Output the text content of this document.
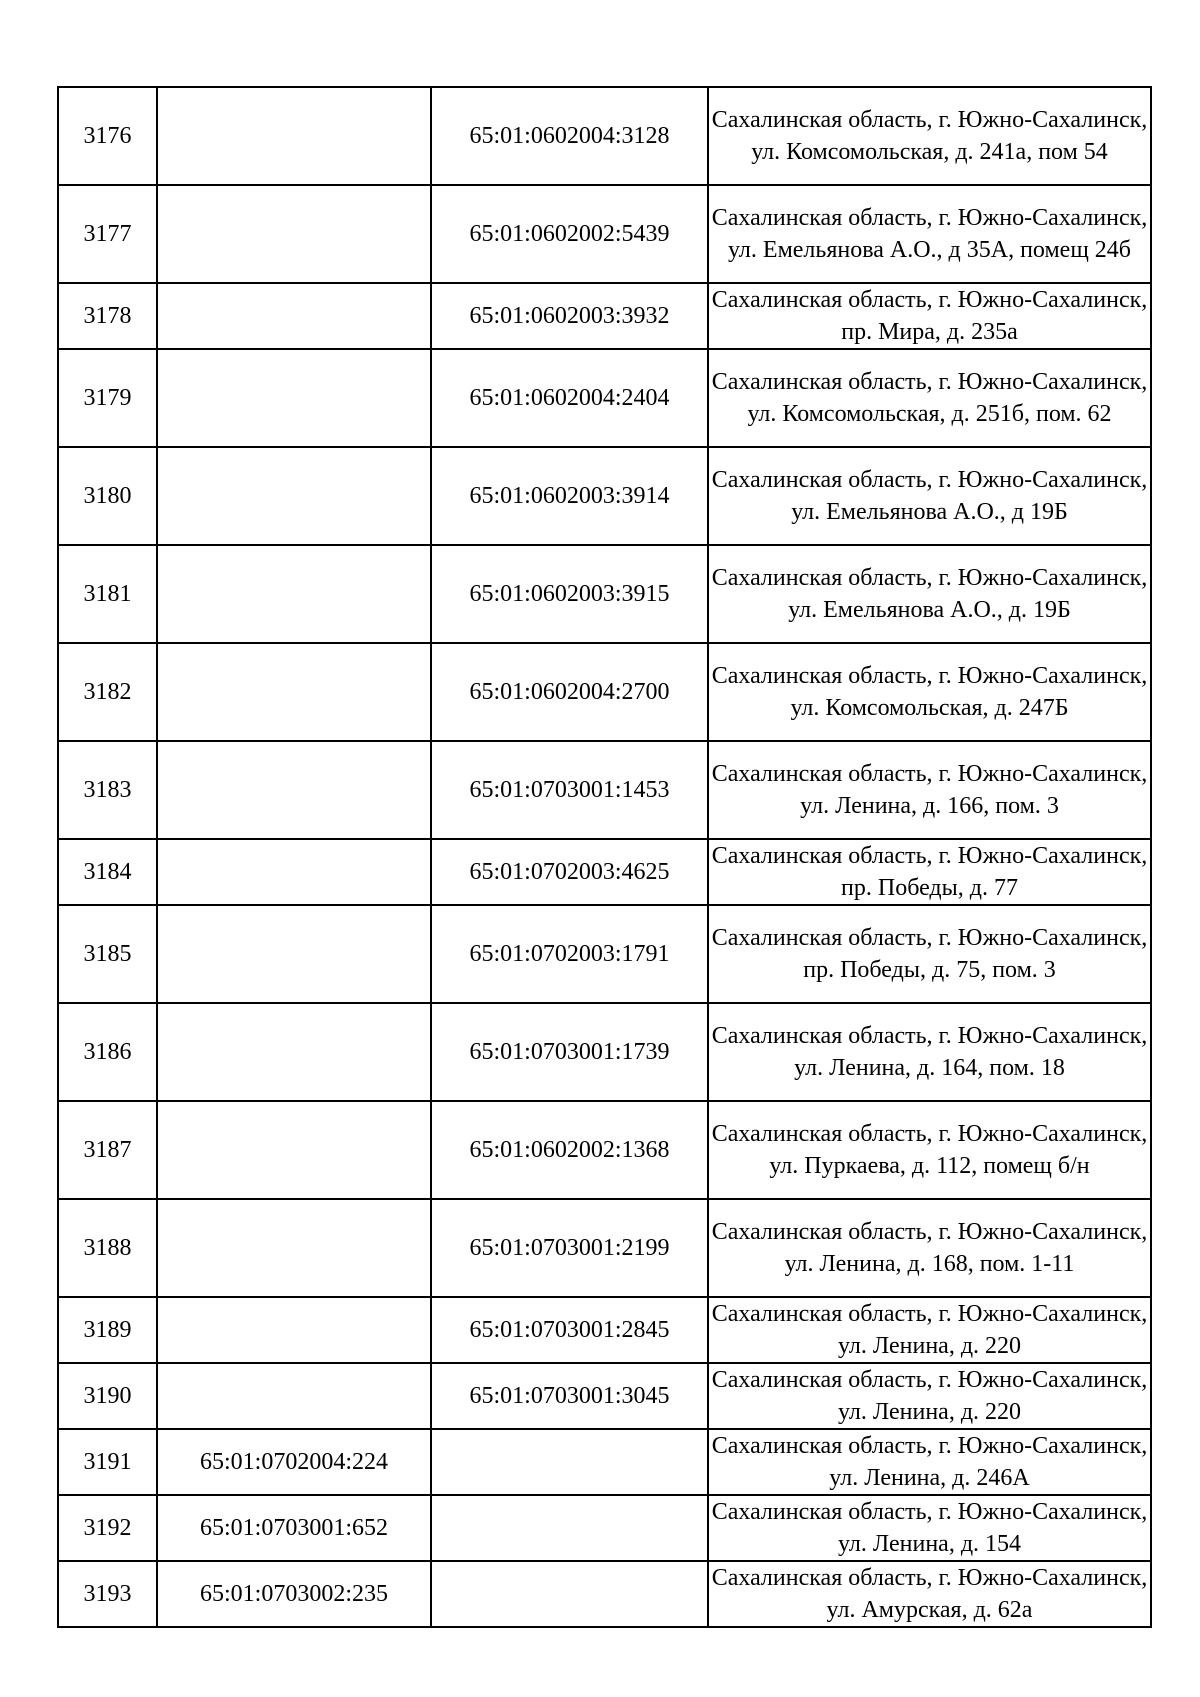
3176		65:01:0602004:3128	Сахалинская область, г. Южно-Сахалинск, ул. Комсомольская, д. 241а, пом 54
3177		65:01:0602002:5439	Сахалинская область, г. Южно-Сахалинск, ул. Емельянова А.О., д 35А, помещ 24б
3178		65:01:0602003:3932	Сахалинская область, г. Южно-Сахалинск, пр. Мира, д. 235а
3179		65:01:0602004:2404	Сахалинская область, г. Южно-Сахалинск, ул. Комсомольская, д. 251б, пом. 62
3180		65:01:0602003:3914	Сахалинская область, г. Южно-Сахалинск, ул. Емельянова А.О., д 19Б
3181		65:01:0602003:3915	Сахалинская область, г. Южно-Сахалинск, ул. Емельянова А.О., д. 19Б
3182		65:01:0602004:2700	Сахалинская область, г. Южно-Сахалинск, ул. Комсомольская, д. 247Б
3183		65:01:0703001:1453	Сахалинская область, г. Южно-Сахалинск, ул. Ленина, д. 166, пом. 3
3184		65:01:0702003:4625	Сахалинская область, г. Южно-Сахалинск, пр. Победы, д. 77
3185		65:01:0702003:1791	Сахалинская область, г. Южно-Сахалинск, пр. Победы, д. 75, пом. 3
3186		65:01:0703001:1739	Сахалинская область, г. Южно-Сахалинск, ул. Ленина, д. 164, пом. 18
3187		65:01:0602002:1368	Сахалинская область, г. Южно-Сахалинск, ул. Пуркаева, д. 112, помещ б/н
3188		65:01:0703001:2199	Сахалинская область, г. Южно-Сахалинск, ул. Ленина, д. 168, пом. 1-11
3189		65:01:0703001:2845	Сахалинская область, г. Южно-Сахалинск, ул. Ленина, д. 220
3190		65:01:0703001:3045	Сахалинская область, г. Южно-Сахалинск, ул. Ленина, д. 220
3191	65:01:0702004:224		Сахалинская область, г. Южно-Сахалинск, ул. Ленина, д. 246А
3192	65:01:0703001:652		Сахалинская область, г. Южно-Сахалинск, ул. Ленина, д. 154
3193	65:01:0703002:235		Сахалинская область, г. Южно-Сахалинск, ул. Амурская, д. 62а
